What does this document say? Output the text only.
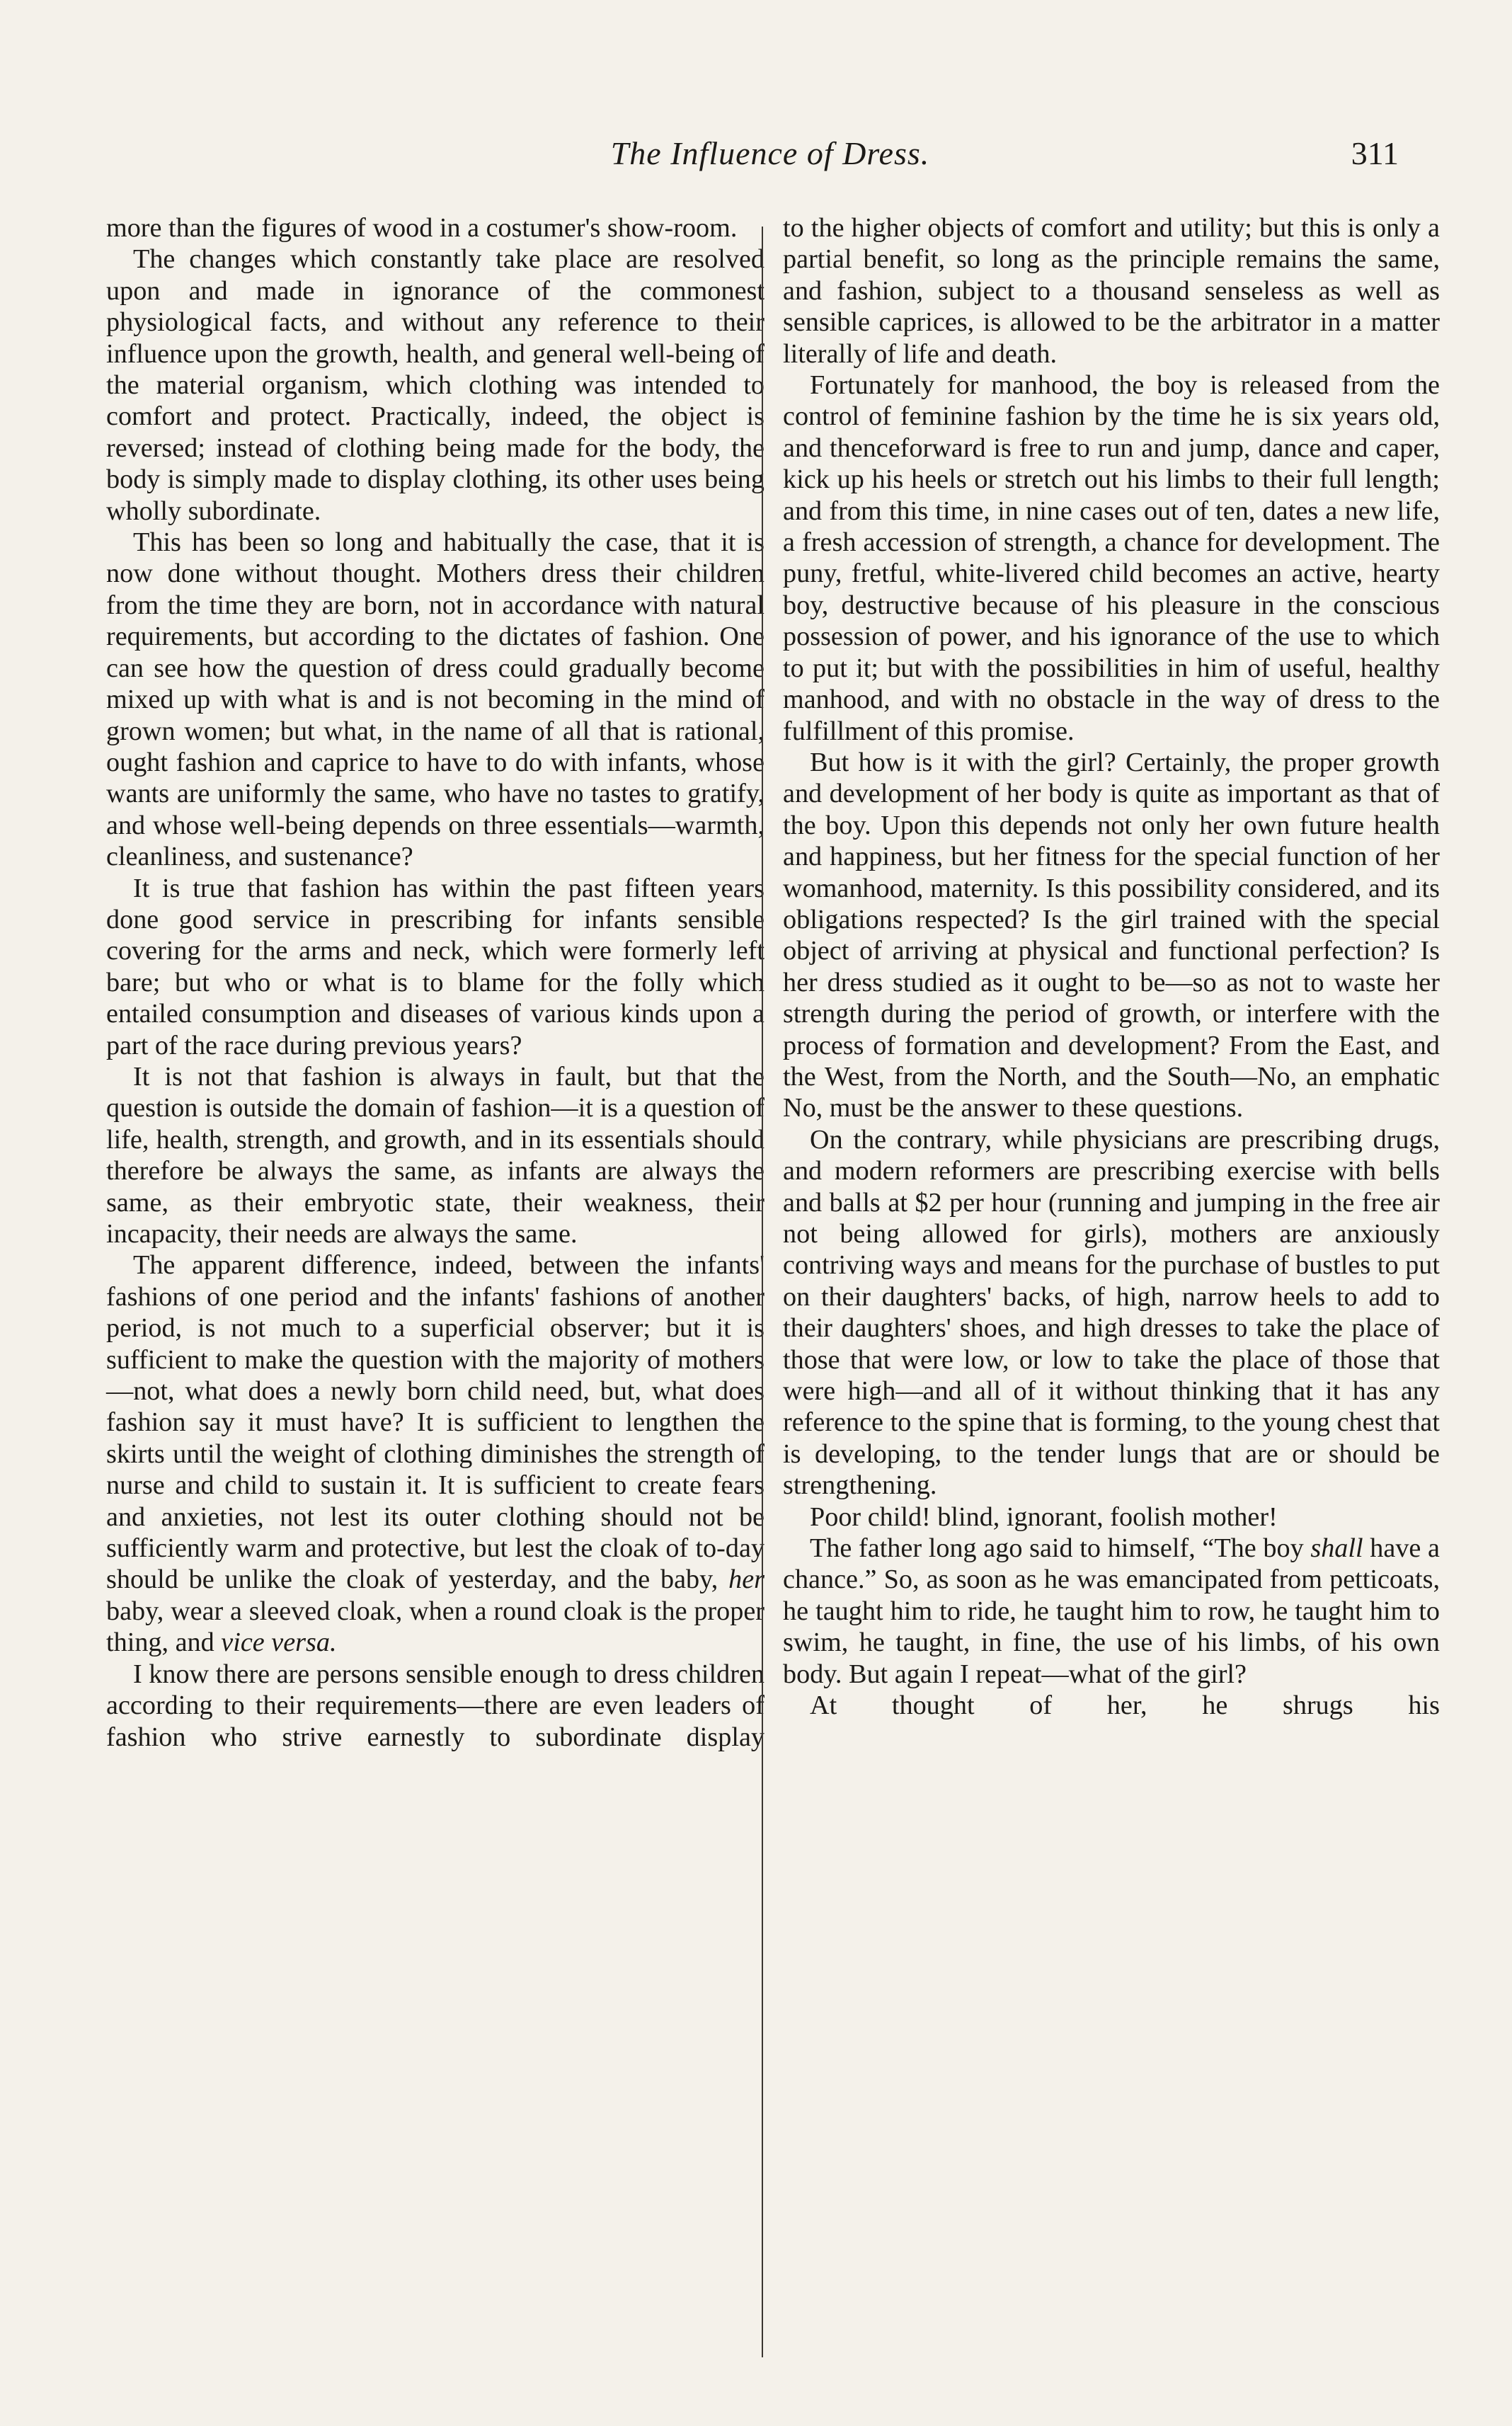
The Influence of Dress.	311

more than the figures of wood in a costumer's show-room.

The changes which constantly take place are resolved upon and made in ignorance of the commonest physiological facts, and without any reference to their influence upon the growth, health, and general well-being of the material organism, which clothing was intended to comfort and protect. Practically, indeed, the object is reversed; instead of clothing being made for the body, the body is simply made to display clothing, its other uses being wholly subordinate.

This has been so long and habitually the case, that it is now done without thought. Mothers dress their children from the time they are born, not in accordance with natural requirements, but according to the dictates of fashion. One can see how the question of dress could gradually become mixed up with what is and is not becoming in the mind of grown women; but what, in the name of all that is rational, ought fashion and caprice to have to do with infants, whose wants are uniformly the same, who have no tastes to gratify, and whose well-being depends on three essentials—warmth, cleanliness, and sustenance?

It is true that fashion has within the past fifteen years done good service in prescribing for infants sensible covering for the arms and neck, which were formerly left bare; but who or what is to blame for the folly which entailed consumption and diseases of various kinds upon a part of the race during previous years?

It is not that fashion is always in fault, but that the question is outside the domain of fashion—it is a question of life, health, strength, and growth, and in its essentials should therefore be always the same, as infants are always the same, as their embryotic state, their weakness, their incapacity, their needs are always the same.

The apparent difference, indeed, between the infants' fashions of one period and the infants' fashions of another period, is not much to a superficial observer; but it is sufficient to make the question with the majority of mothers—not, what does a newly born child need, but, what does fashion say it must have? It is sufficient to lengthen the skirts until the weight of clothing diminishes the strength of nurse and child to sustain it. It is sufficient to create fears and anxieties, not lest its outer clothing should not be sufficiently warm and protective, but lest the cloak of to-day should be unlike the cloak of yesterday, and the baby, her baby, wear a sleeved cloak, when a round cloak is the proper thing, and vice versa.

I know there are persons sensible enough to dress children according to their requirements—there are even leaders of fashion who strive earnestly to subordinate display

to the higher objects of comfort and utility; but this is only a partial benefit, so long as the principle remains the same, and fashion, subject to a thousand senseless as well as sensible caprices, is allowed to be the arbitrator in a matter literally of life and death.

Fortunately for manhood, the boy is released from the control of feminine fashion by the time he is six years old, and thenceforward is free to run and jump, dance and caper, kick up his heels or stretch out his limbs to their full length; and from this time, in nine cases out of ten, dates a new life, a fresh accession of strength, a chance for development. The puny, fretful, white-livered child becomes an active, hearty boy, destructive because of his pleasure in the conscious possession of power, and his ignorance of the use to which to put it; but with the possibilities in him of useful, healthy manhood, and with no obstacle in the way of dress to the fulfillment of this promise.

But how is it with the girl? Certainly, the proper growth and development of her body is quite as important as that of the boy. Upon this depends not only her own future health and happiness, but her fitness for the special function of her womanhood, maternity. Is this possibility considered, and its obligations respected? Is the girl trained with the special object of arriving at physical and functional perfection? Is her dress studied as it ought to be—so as not to waste her strength during the period of growth, or interfere with the process of formation and development? From the East, and the West, from the North, and the South—No, an emphatic No, must be the answer to these questions.

On the contrary, while physicians are prescribing drugs, and modern reformers are prescribing exercise with bells and balls at $2 per hour (running and jumping in the free air not being allowed for girls), mothers are anxiously contriving ways and means for the purchase of bustles to put on their daughters' backs, of high, narrow heels to add to their daughters' shoes, and high dresses to take the place of those that were low, or low to take the place of those that were high—and all of it without thinking that it has any reference to the spine that is forming, to the young chest that is developing, to the tender lungs that are or should be strengthening.

Poor child! blind, ignorant, foolish mother!

The father long ago said to himself, “The boy shall have a chance.” So, as soon as he was emancipated from petticoats, he taught him to ride, he taught him to row, he taught him to swim, he taught, in fine, the use of his limbs, of his own body. But again I repeat—what of the girl?

At thought of her, he shrugs his
